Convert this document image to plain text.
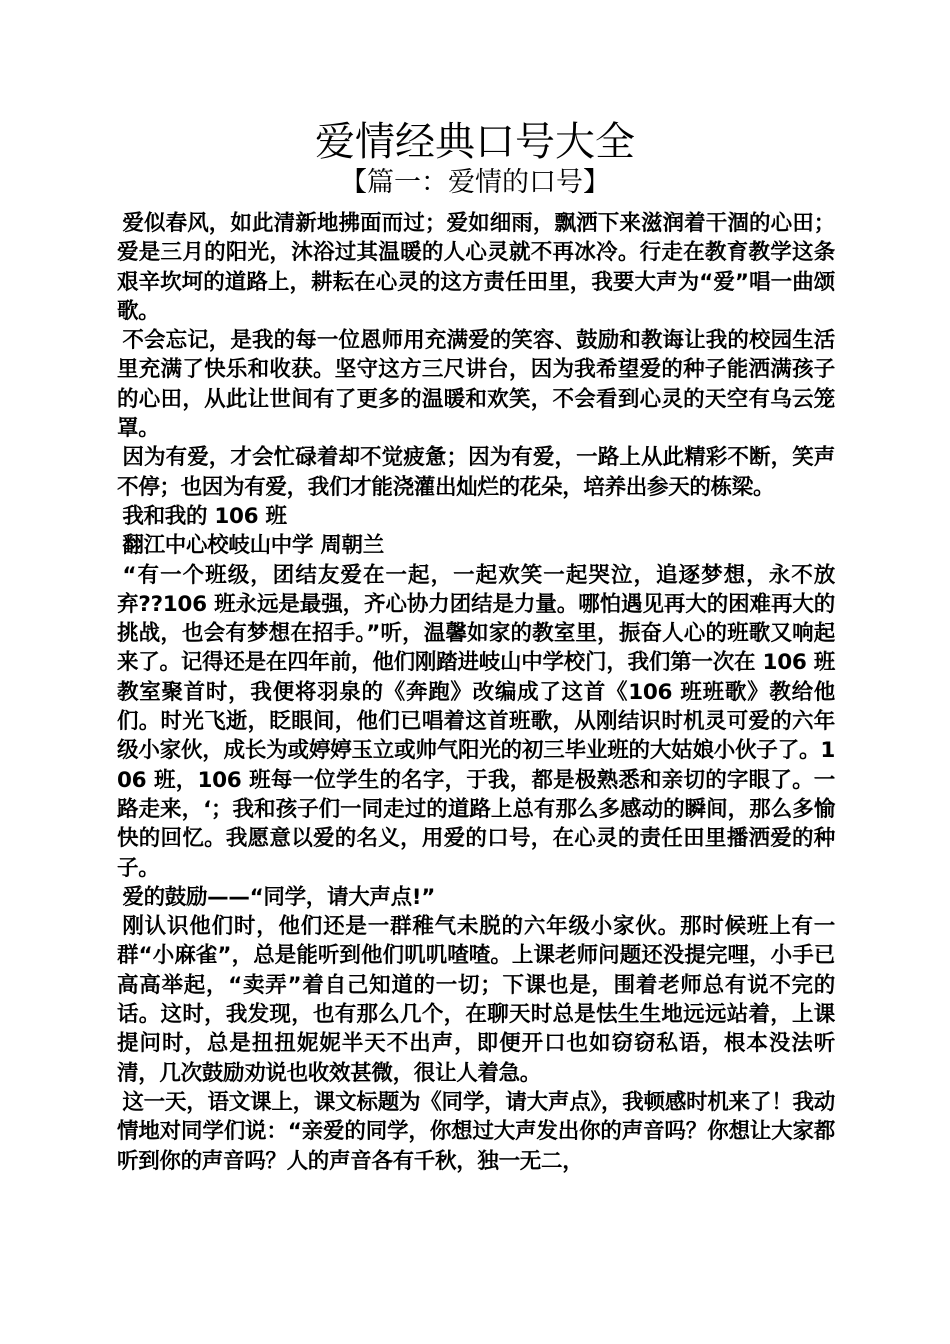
爱情经典口号大全
【篇一：爱情的口号】

爱似春风，如此清新地拂面而过；爱如细雨，飘洒下来滋润着干涸的心田；爱是三月的阳光，沐浴过其温暖的人心灵就不再冰冷。行走在教育教学这条艰辛坎坷的道路上，耕耘在心灵的这方责任田里，我要大声为“爱”唱一曲颂歌。

不会忘记，是我的每一位恩师用充满爱的笑容、鼓励和教诲让我的校园生活里充满了快乐和收获。坚守这方三尺讲台，因为我希望爱的种子能洒满孩子的心田，从此让世间有了更多的温暖和欢笑，不会看到心灵的天空有乌云笼罩。

因为有爱，才会忙碌着却不觉疲惫；因为有爱，一路上从此精彩不断，笑声不停；也因为有爱，我们才能浇灌出灿烂的花朵，培养出参天的栋梁。

我和我的 106 班

翻江中心校岐山中学 周朝兰

“有一个班级，团结友爱在一起，一起欢笑一起哭泣，追逐梦想，永不放弃??106 班永远是最强，齐心协力团结是力量。哪怕遇见再大的困难再大的挑战，也会有梦想在招手。”听，温馨如家的教室里，振奋人心的班歌又响起来了。记得还是在四年前，他们刚踏进岐山中学校门，我们第一次在 106 班教室聚首时，我便将羽泉的《奔跑》改编成了这首《106 班班歌》教给他们。时光飞逝，眨眼间，他们已唱着这首班歌，从刚结识时机灵可爱的六年级小家伙，成长为或婷婷玉立或帅气阳光的初三毕业班的大姑娘小伙子了。106 班，106 班每一位学生的名字，于我，都是极熟悉和亲切的字眼了。一路走来，‘；我和孩子们一同走过的道路上总有那么多感动的瞬间，那么多愉快的回忆。我愿意以爱的名义，用爱的口号，在心灵的责任田里播洒爱的种子。

爱的鼓励——“同学，请大声点!”

刚认识他们时，他们还是一群稚气未脱的六年级小家伙。那时候班上有一群“小麻雀”，总是能听到他们叽叽喳喳。上课老师问题还没提完哩，小手已高高举起，“卖弄”着自己知道的一切；下课也是，围着老师总有说不完的话。这时，我发现，也有那么几个，在聊天时总是怯生生地远远站着，上课提问时，总是扭扭妮妮半天不出声，即便开口也如窃窃私语，根本没法听清，几次鼓励劝说也收效甚微，很让人着急。

这一天，语文课上，课文标题为《同学，请大声点》，我顿感时机来了！我动情地对同学们说：“亲爱的同学，你想过大声发出你的声音吗？你想让大家都听到你的声音吗？人的声音各有千秋，独一无二，
